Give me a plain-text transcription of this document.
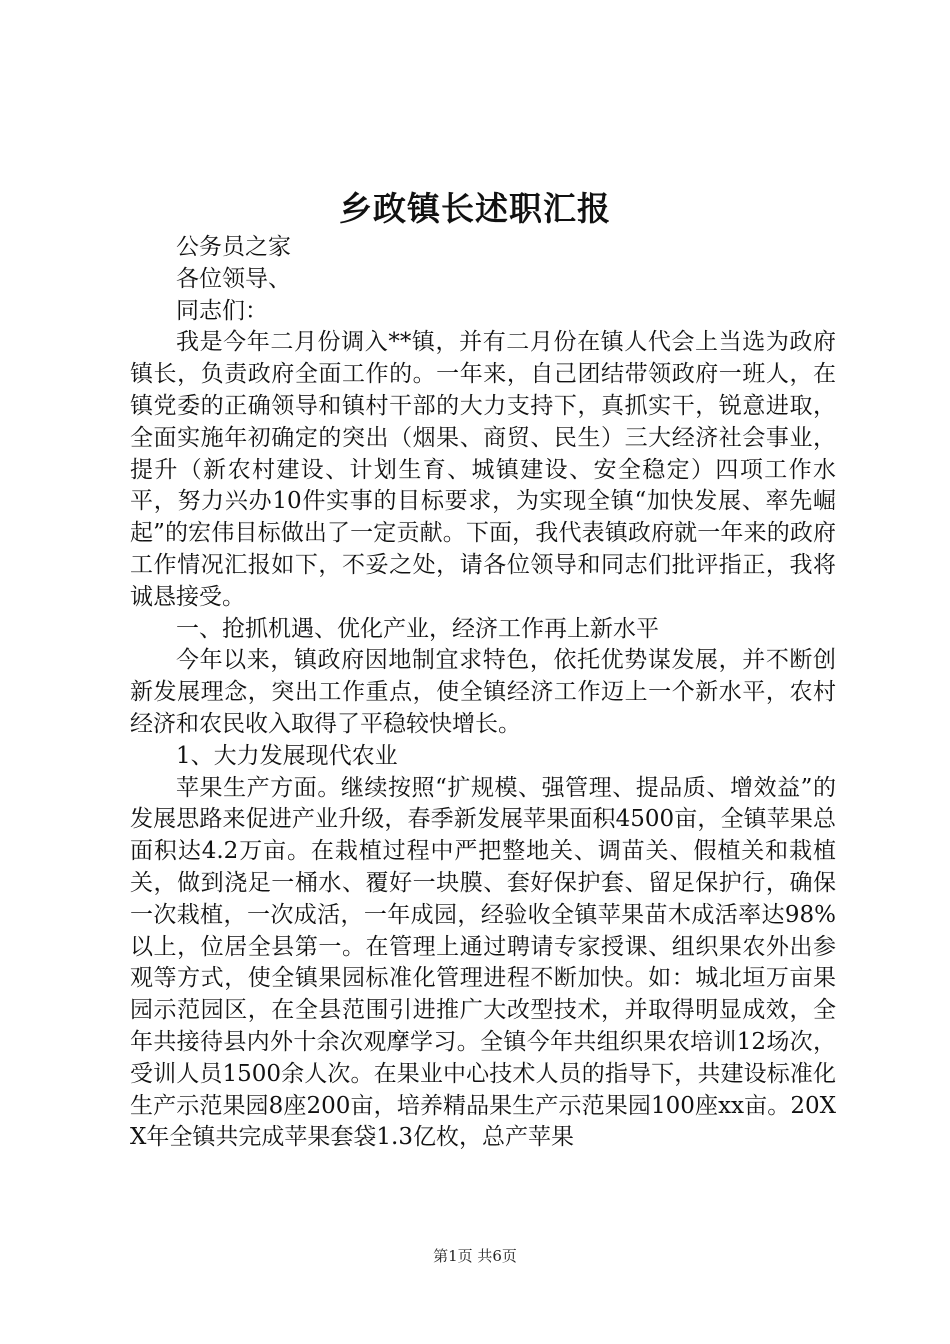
乡政镇长述职汇报

公务员之家

各位领导、

同志们：

我是今年二月份调入**镇，并有二月份在镇人代会上当选为政府镇长，负责政府全面工作的。一年来，自己团结带领政府一班人，在镇党委的正确领导和镇村干部的大力支持下，真抓实干，锐意进取，全面实施年初确定的突出（烟果、商贸、民生）三大经济社会事业，提升（新农村建设、计划生育、城镇建设、安全稳定）四项工作水平，努力兴办10件实事的目标要求，为实现全镇“加快发展、率先崛起”的宏伟目标做出了一定贡献。下面，我代表镇政府就一年来的政府工作情况汇报如下，不妥之处，请各位领导和同志们批评指正，我将诚恳接受。

一、抢抓机遇、优化产业，经济工作再上新水平

今年以来，镇政府因地制宜求特色，依托优势谋发展，并不断创新发展理念，突出工作重点，使全镇经济工作迈上一个新水平，农村经济和农民收入取得了平稳较快增长。

1、大力发展现代农业

苹果生产方面。继续按照“扩规模、强管理、提品质、增效益”的发展思路来促进产业升级，春季新发展苹果面积4500亩，全镇苹果总面积达4.2万亩。在栽植过程中严把整地关、调苗关、假植关和栽植关，做到浇足一桶水、覆好一块膜、套好保护套、留足保护行，确保一次栽植，一次成活，一年成园，经验收全镇苹果苗木成活率达98%以上，位居全县第一。在管理上通过聘请专家授课、组织果农外出参观等方式，使全镇果园标准化管理进程不断加快。如：城北垣万亩果园示范园区，在全县范围引进推广大改型技术，并取得明显成效，全年共接待县内外十余次观摩学习。全镇今年共组织果农培训12场次，受训人员1500余人次。在果业中心技术人员的指导下，共建设标准化生产示范果园8座200亩，培养精品果生产示范果园100座xx亩。20XX年全镇共完成苹果套袋1.3亿枚，总产苹果

第1页 共6页
